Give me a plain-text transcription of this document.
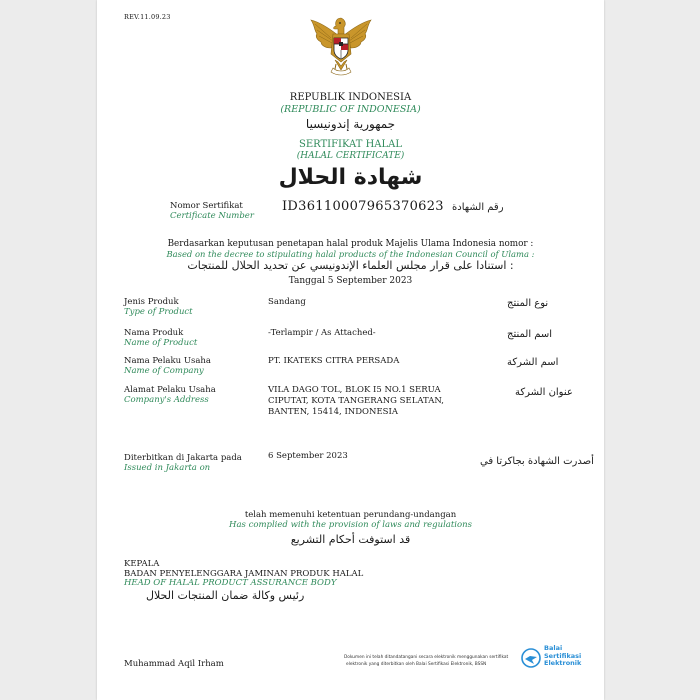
REV.11.09.23
REPUBLIK INDONESIA
(REPUBLIC OF INDONESIA)
جمهورية إندونيسيا
SERTIFIKAT HALAL
(HALAL CERTIFICATE)
شهادة الحلال
Nomor Sertifikat
Certificate Number
ID36110007965370623 رقم الشهادة
Berdasarkan keputusan penetapan halal produk Majelis Ulama Indonesia nomor :
Based on the decree to stipulating halal products of the Indonesian Council of Ulama :
استنادا على قرار مجلس العلماء الإندونيسي عن تحديد الحلال للمنتجات :
Tanggal 5 September 2023
Jenis Produk
Type of Product
Sandang	نوع المنتج
Nama Produk
Name of Product
-Terlampir / As Attached-	اسم المنتج
Nama Pelaku Usaha
Name of Company
PT. IKATEKS CITRA PERSADA	اسم الشركة
Alamat Pelaku Usaha
Company's Address
VILA DAGO TOL, BLOK I5 NO.1 SERUA
CIPUTAT, KOTA TANGERANG SELATAN,
BANTEN, 15414, INDONESIA
عنوان الشركة
Diterbitkan di Jakarta pada
Issued in Jakarta on
6 September 2023	أصدرت الشهادة بجاكرتا في
telah memenuhi ketentuan perundang-undangan
Has complied with the provision of laws and regulations
قد استوفت أحكام التشريع
KEPALA
BADAN PENYELENGGARA JAMINAN PRODUK HALAL
HEAD OF HALAL PRODUCT ASSURANCE BODY
رئيس وكالة ضمان المنتجات الحلال
Muhammad Aqil Irham
Dokumen ini telah ditandatangani secara elektronik menggunakan sertifikat
elektronik yang diterbitkan oleh Balai Sertifikasi Elektronik, BSSN
Balai
Sertifikasi
Elektronik
